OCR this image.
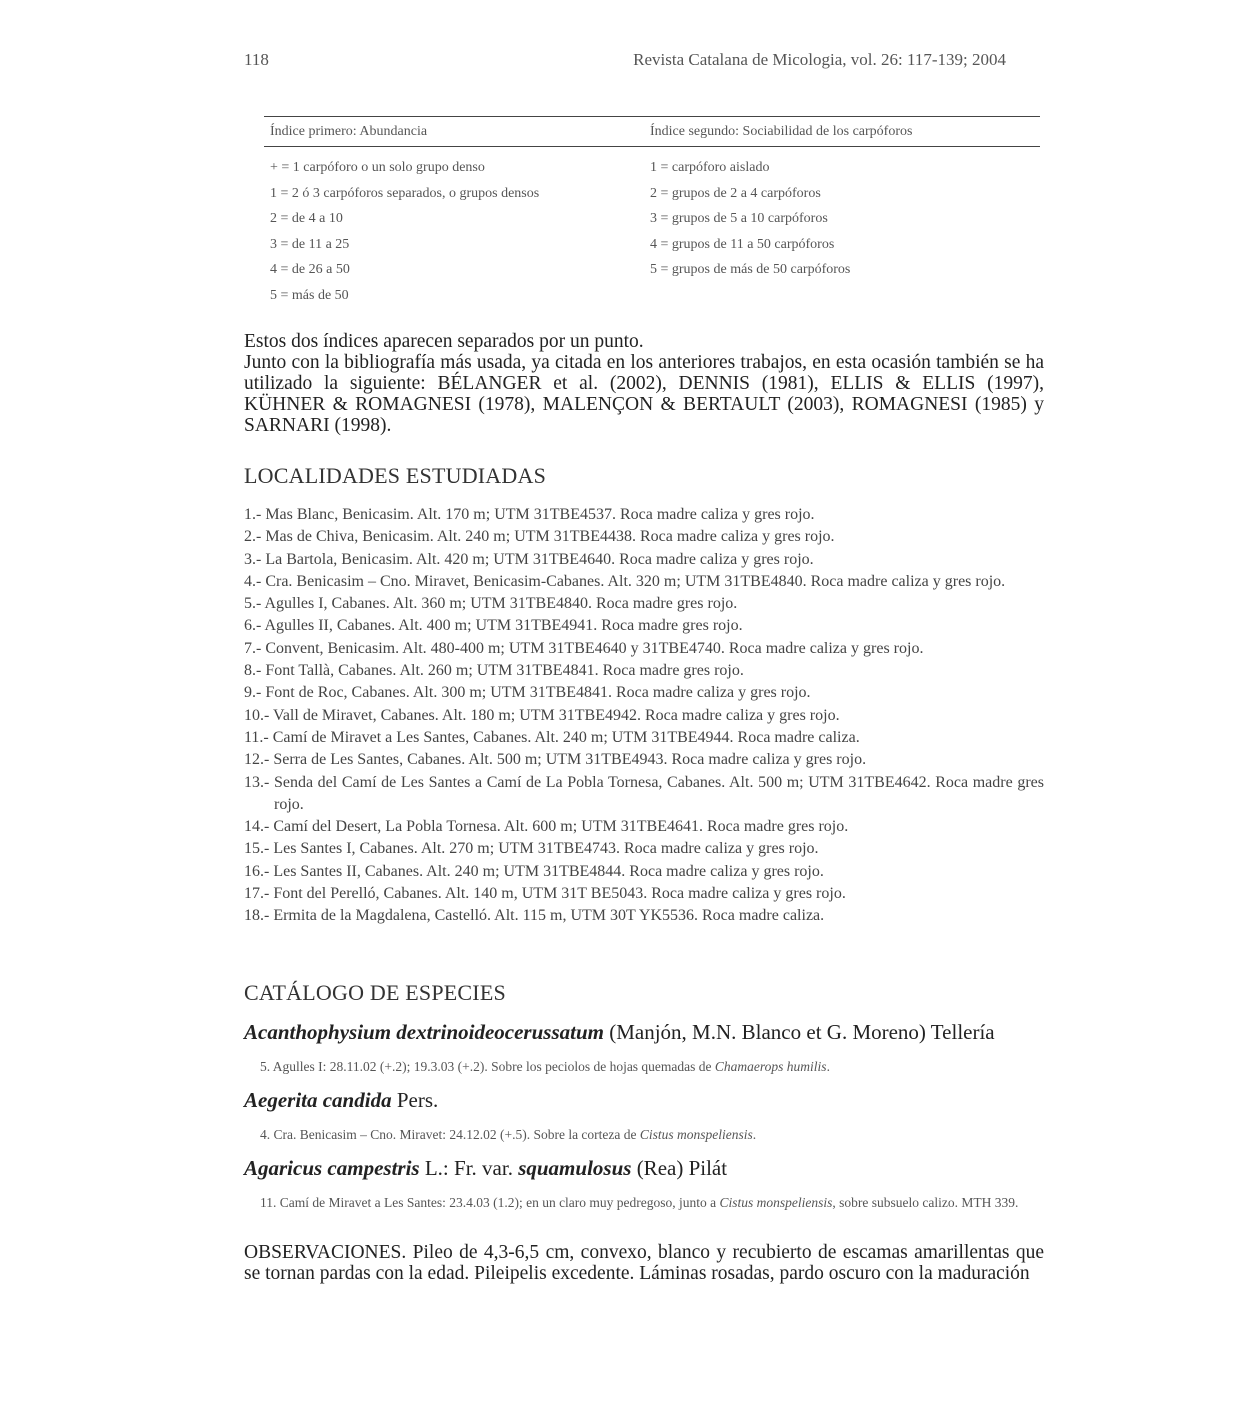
118	Revista Catalana de Micologia, vol. 26: 117-139; 2004
Índice primero: Abundancia
+ = 1 carpóforo o un solo grupo denso
1 = 2 ó 3 carpóforos separados, o grupos densos
2 = de 4 a 10
3 = de 11 a 25
4 = de 26 a 50
5 = más de 50
Índice segundo: Sociabilidad de los carpóforos
1 = carpóforo aislado
2 = grupos de 2 a 4 carpóforos
3 = grupos de 5 a 10 carpóforos
4 = grupos de 11 a 50 carpóforos
5 = grupos de más de 50 carpóforos
Estos dos índices aparecen separados por un punto.
Junto con la bibliografía más usada, ya citada en los anteriores trabajos, en esta ocasión también se ha utilizado la siguiente: BÉLANGER et al. (2002), DENNIS (1981), ELLIS & ELLIS (1997), KÜHNER & ROMAGNESI (1978), MALENÇON & BERTAULT (2003), ROMAGNESI (1985) y SARNARI (1998).
LOCALIDADES ESTUDIADAS
1.- Mas Blanc, Benicasim. Alt. 170 m; UTM 31TBE4537. Roca madre caliza y gres rojo.
2.- Mas de Chiva, Benicasim. Alt. 240 m; UTM 31TBE4438. Roca madre caliza y gres rojo.
3.- La Bartola, Benicasim. Alt. 420 m; UTM 31TBE4640. Roca madre caliza y gres rojo.
4.- Cra. Benicasim – Cno. Miravet, Benicasim-Cabanes. Alt. 320 m; UTM 31TBE4840. Roca madre caliza y gres rojo.
5.- Agulles I, Cabanes. Alt. 360 m; UTM 31TBE4840. Roca madre gres rojo.
6.- Agulles II, Cabanes. Alt. 400 m; UTM 31TBE4941. Roca madre gres rojo.
7.- Convent, Benicasim. Alt. 480-400 m; UTM 31TBE4640 y 31TBE4740. Roca madre caliza y gres rojo.
8.- Font Tallà, Cabanes. Alt. 260 m; UTM 31TBE4841. Roca madre gres rojo.
9.- Font de Roc, Cabanes. Alt. 300 m; UTM 31TBE4841. Roca madre caliza y gres rojo.
10.- Vall de Miravet, Cabanes. Alt. 180 m; UTM 31TBE4942. Roca madre caliza y gres rojo.
11.- Camí de Miravet a Les Santes, Cabanes. Alt. 240 m; UTM 31TBE4944. Roca madre caliza.
12.- Serra de Les Santes, Cabanes. Alt. 500 m; UTM 31TBE4943. Roca madre caliza y gres rojo.
13.- Senda del Camí de Les Santes a Camí de La Pobla Tornesa, Cabanes. Alt. 500 m; UTM 31TBE4642. Roca madre gres rojo.
14.- Camí del Desert, La Pobla Tornesa. Alt. 600 m; UTM 31TBE4641. Roca madre gres rojo.
15.- Les Santes I, Cabanes. Alt. 270 m; UTM 31TBE4743. Roca madre caliza y gres rojo.
16.- Les Santes II, Cabanes. Alt. 240 m; UTM 31TBE4844. Roca madre caliza y gres rojo.
17.- Font del Perelló, Cabanes. Alt. 140 m, UTM 31T BE5043. Roca madre caliza y gres rojo.
18.- Ermita de la Magdalena, Castelló. Alt. 115 m, UTM 30T YK5536. Roca madre caliza.
CATÁLOGO DE ESPECIES
Acanthophysium dextrinoideocerussatum (Manjón, M.N. Blanco et G. Moreno) Tellería
5. Agulles I: 28.11.02 (+.2); 19.3.03 (+.2). Sobre los peciolos de hojas quemadas de Chamaerops humilis.
Aegerita candida Pers.
4. Cra. Benicasim – Cno. Miravet: 24.12.02 (+.5). Sobre la corteza de Cistus monspeliensis.
Agaricus campestris L.: Fr. var. squamulosus (Rea) Pilát
11. Camí de Miravet a Les Santes: 23.4.03 (1.2); en un claro muy pedregoso, junto a Cistus monspeliensis, sobre subsuelo calizo. MTH 339.
OBSERVACIONES. Pileo de 4,3-6,5 cm, convexo, blanco y recubierto de escamas amarillentas que se tornan pardas con la edad. Pileipelis excedente. Láminas rosadas, pardo oscuro con la maduración
